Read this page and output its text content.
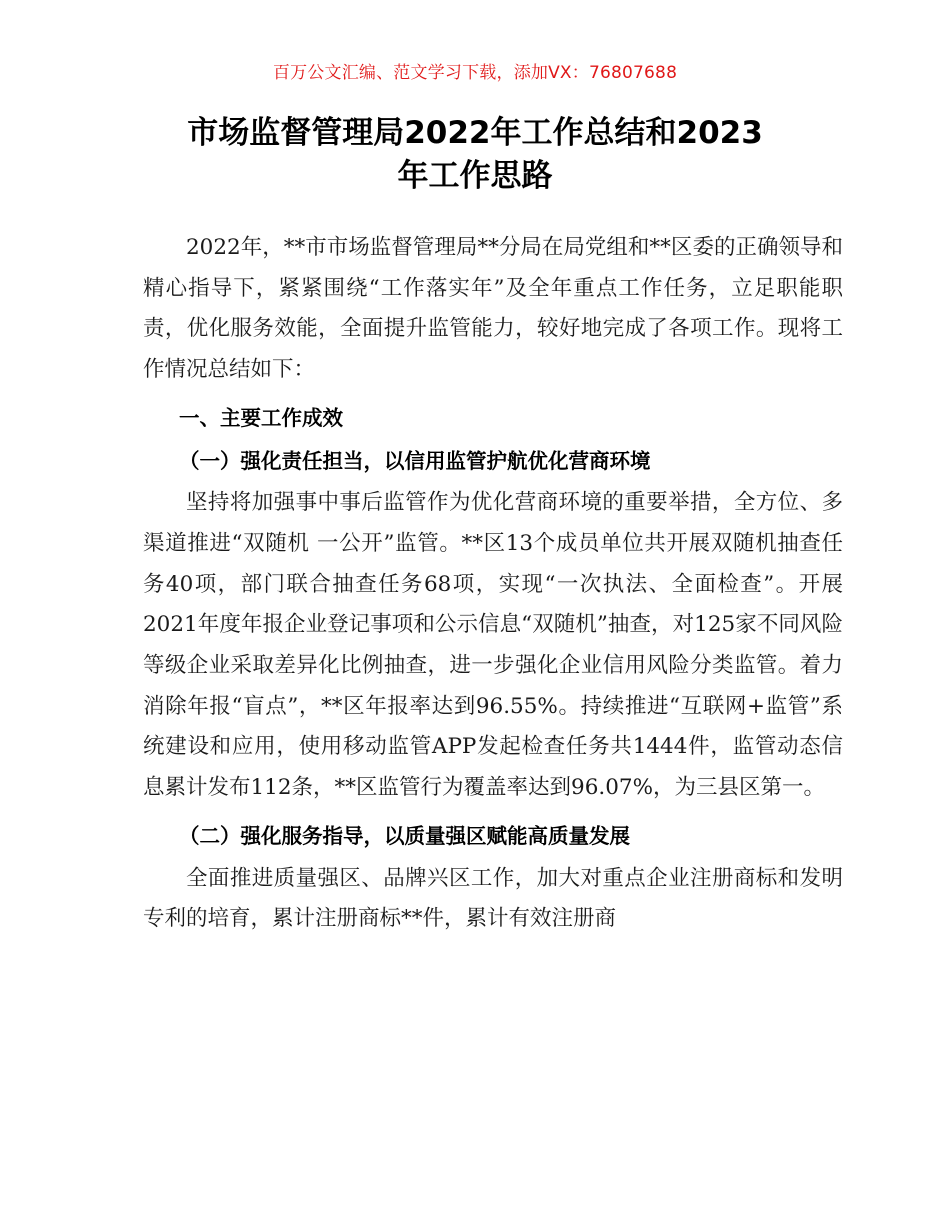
百万公文汇编、范文学习下载，添加VX：76807688
市场监督管理局2022年工作总结和2023
年工作思路

2022年，**市市场监督管理局**分局在局党组和**区委的正确领导和精心指导下，紧紧围绕“工作落实年”及全年重点工作任务，立足职能职责，优化服务效能，全面提升监管能力，较好地完成了各项工作。现将工作情况总结如下：

一、主要工作成效

（一）强化责任担当，以信用监管护航优化营商环境

坚持将加强事中事后监管作为优化营商环境的重要举措，全方位、多渠道推进“双随机 一公开”监管。**区13个成员单位共开展双随机抽查任务40项，部门联合抽查任务68项，实现“一次执法、全面检查”。开展2021年度年报企业登记事项和公示信息“双随机”抽查，对125家不同风险等级企业采取差异化比例抽查，进一步强化企业信用风险分类监管。着力消除年报“盲点”，**区年报率达到96.55%。持续推进“互联网+监管”系统建设和应用，使用移动监管APP发起检查任务共1444件，监管动态信息累计发布112条，**区监管行为覆盖率达到96.07%，为三县区第一。

（二）强化服务指导，以质量强区赋能高质量发展

全面推进质量强区、品牌兴区工作，加大对重点企业注册商标和发明专利的培育，累计注册商标**件，累计有效注册商
